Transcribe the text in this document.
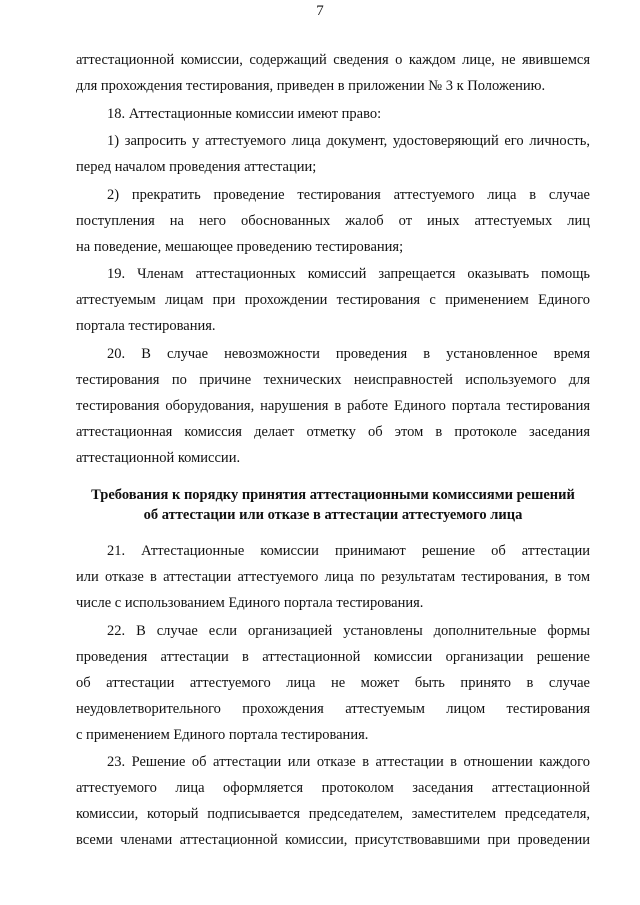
7
аттестационной комиссии, содержащий сведения о каждом лице, не явившемся
для прохождения тестирования, приведен в приложении № 3 к Положению.
18. Аттестационные комиссии имеют право:
1) запросить у аттестуемого лица документ, удостоверяющий его личность,
перед началом проведения аттестации;
2) прекратить проведение тестирования аттестуемого лица в случае
поступления на него обоснованных жалоб от иных аттестуемых лиц
на поведение, мешающее проведению тестирования;
19. Членам аттестационных комиссий запрещается оказывать помощь
аттестуемым лицам при прохождении тестирования с применением Единого
портала тестирования.
20. В случае невозможности проведения в установленное время
тестирования по причине технических неисправностей используемого для
тестирования оборудования, нарушения в работе Единого портала тестирования
аттестационная комиссия делает отметку об этом в протоколе заседания
аттестационной комиссии.
Требования к порядку принятия аттестационными комиссиями решений
об аттестации или отказе в аттестации аттестуемого лица
21. Аттестационные комиссии принимают решение об аттестации
или отказе в аттестации аттестуемого лица по результатам тестирования, в том
числе с использованием Единого портала тестирования.
22. В случае если организацией установлены дополнительные формы
проведения аттестации в аттестационной комиссии организации решение
об аттестации аттестуемого лица не может быть принято в случае
неудовлетворительного прохождения аттестуемым лицом тестирования
с применением Единого портала тестирования.
23. Решение об аттестации или отказе в аттестации в отношении каждого
аттестуемого лица оформляется протоколом заседания аттестационной
комиссии, который подписывается председателем, заместителем председателя,
всеми членами аттестационной комиссии, присутствовавшими при проведении
